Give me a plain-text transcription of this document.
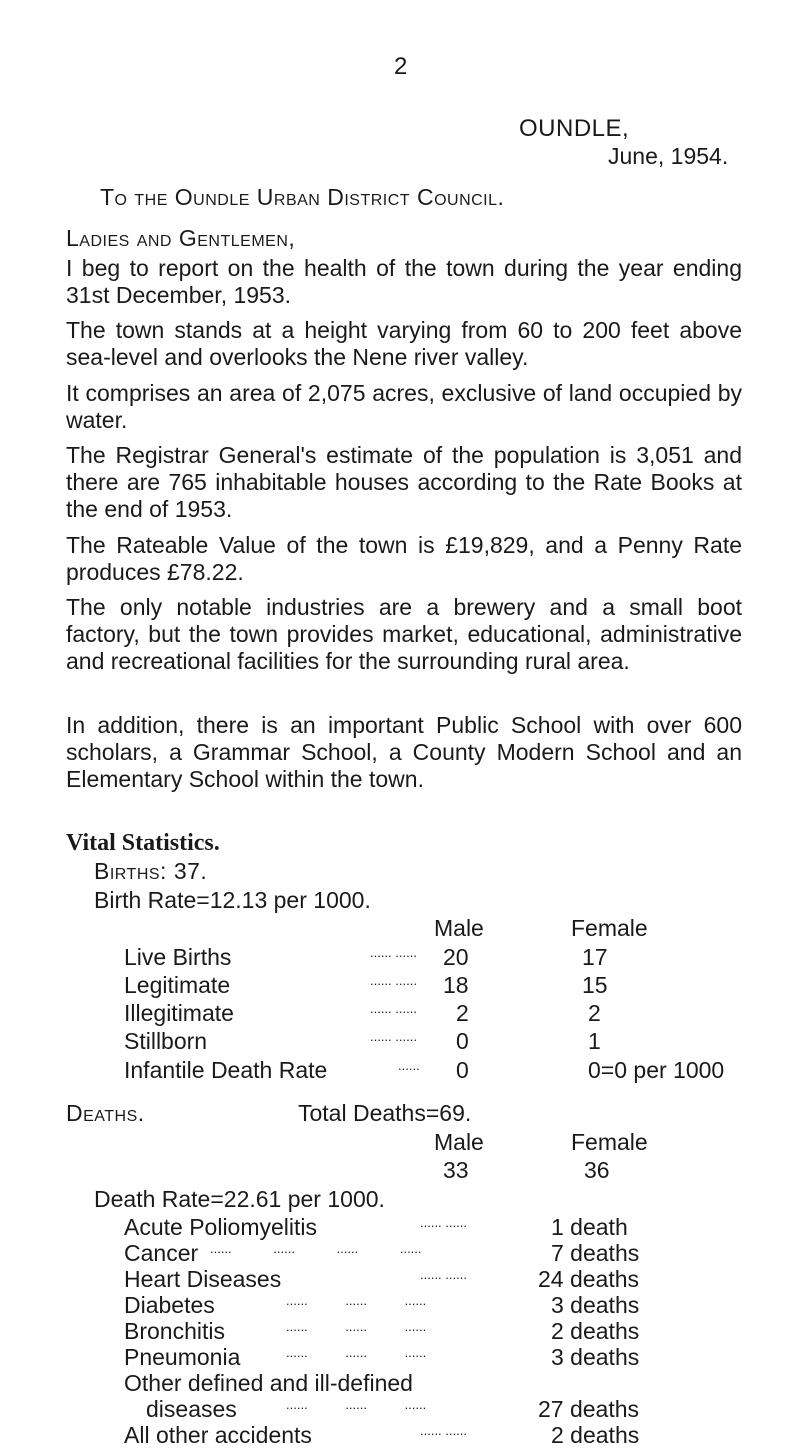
2
OUNDLE,
June, 1954.
To the Oundle Urban District Council.
Ladies and Gentlemen,

I beg to report on the health of the town during the year ending 31st December, 1953.

The town stands at a height varying from 60 to 200 feet above sea-level and overlooks the Nene river valley.

It comprises an area of 2,075 acres, exclusive of land occupied by water.

The Registrar General's estimate of the population is 3,051 and there are 765 inhabitable houses according to the Rate Books at the end of 1953.

The Rateable Value of the town is £19,829, and a Penny Rate produces £78.22.

The only notable industries are a brewery and a small boot factory, but the town provides market, educational, administrative and recreational facilities for the surrounding rural area.

In addition, there is an important Public School with over 600 scholars, a Grammar School, a County Modern School and an Elementary School within the town.

Vital Statistics.
Births: 37.
Birth Rate=12.13 per 1000.
Male	Female
Live Births	...... ...... 20	17
Legitimate	...... ...... 18	15
Illegitimate	...... ...... 2	2
Stillborn	...... ...... 0	1
Infantile Death Rate	...... 0	0=0 per 1000
Deaths.	Total Deaths=69.
Male	Female
33	36
Death Rate=22.61 per 1000.
Acute Poliomyelitis	...... ......	1 death
Cancer ...... ...... ...... ......	7 deaths
Heart Diseases	...... ......	24 deaths
Diabetes	...... ...... ......	3 deaths
Bronchitis	...... ...... ......	2 deaths
Pneumonia	...... ...... ......	3 deaths
Other defined and ill-defined
diseases	...... ...... ......	27 deaths
All other accidents	...... ......	2 deaths
